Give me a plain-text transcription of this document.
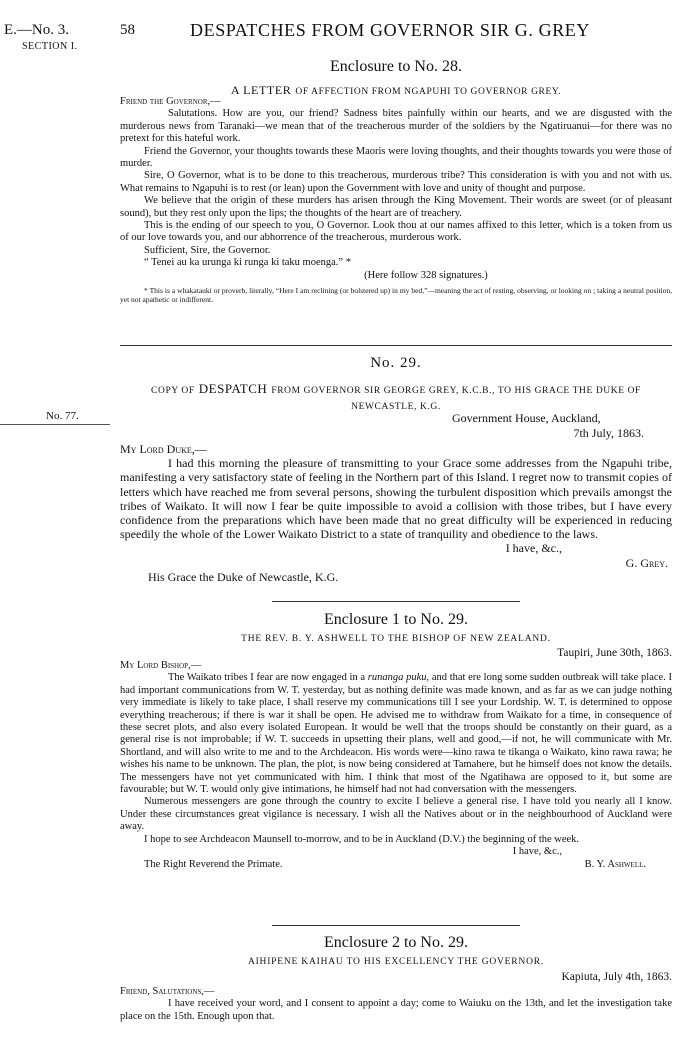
E.—No. 3.
SECTION I.
58	DESPATCHES FROM GOVERNOR SIR G. GREY
Enclosure to No. 28.
A LETTER OF AFFECTION FROM NGAPUHI TO GOVERNOR GREY.

Friend the Governor,—

Salutations. How are you, our friend? Sadness bites painfully within our hearts, and we are disgusted with the murderous news from Taranaki—we mean that of the treacherous murder of the soldiers by the Ngatiruanui—for there was no pretext for this hateful work.

Friend the Governor, your thoughts towards these Maoris were loving thoughts, and their thoughts towards you were those of murder.

Sire, O Governor, what is to be done to this treacherous, murderous tribe? This consideration is with you and not with us. What remains to Ngapuhi is to rest (or lean) upon the Government with love and unity of thought and purpose.

We believe that the origin of these murders has arisen through the King Movement. Their words are sweet (or of pleasant sound), but they rest only upon the lips; the thoughts of the heart are of treachery.

This is the ending of our speech to you, O Governor. Look thou at our names affixed to this letter, which is a token from us of our love towards you, and our abhorrence of the treacherous, murderous work.

Sufficient, Sire, the Governor.

“ Tenei au ka urunga ki runga ki taku moenga.” *

(Here follow 328 signatures.)

* This is a whakatauki or proverb, literally, “Here I am reclining (or bolstered up) in my bed,”—meaning the act of resting, observing, or looking on ; taking a neutral position, yet not apathetic or indifferent.

No. 29.
No. 77.
COPY OF DESPATCH FROM GOVERNOR SIR GEORGE GREY, K.C.B., TO HIS GRACE THE DUKE OF
NEWCASTLE, K.G.
Government House, Auckland,
7th July, 1863.

My Lord Duke,—

I had this morning the pleasure of transmitting to your Grace some addresses from the Ngapuhi tribe, manifesting a very satisfactory state of feeling in the Northern part of this Island. I regret now to transmit copies of letters which have reached me from several persons, showing the turbulent disposition which prevails amongst the tribes of Waikato. It will now I fear be quite impossible to avoid a collision with those tribes, but I have every confidence from the preparations which have been made that no great difficulty will be experienced in reducing speedily the whole of the Lower Waikato District to a state of tranquility and obedience to the laws.

I have, &c.,

G. Grey.

His Grace the Duke of Newcastle, K.G.

Enclosure 1 to No. 29.
THE REV. B. Y. ASHWELL TO THE BISHOP OF NEW ZEALAND.
Taupiri, June 30th, 1863.

My Lord Bishop,—

The Waikato tribes I fear are now engaged in a runanga puku, and that ere long some sudden outbreak will take place. I had important communications from W. T. yesterday, but as nothing definite was made known, and as far as we can judge nothing very immediate is likely to take place, I shall reserve my communications till I see your Lordship. W. T. is determined to oppose everything treacherous; if there is war it shall be open. He advised me to withdraw from Waikato for a time, in consequence of these secret plots, and also every isolated European. It would be well that the troops should be constantly on their guard, as a general rise is not improbable; if W. T. succeeds in upsetting their plans, well and good,—if not, he will communicate with Mr. Shortland, and will also write to me and to the Archdeacon. His words were—kino rawa te tikanga o Waikato, kino rawa rawa; he wishes his name to be unknown. The plan, the plot, is now being considered at Tamahere, but he himself does not know the details. The messengers have not yet communicated with him. I think that most of the Ngatihawa are opposed to it, but some are favourable; but W. T. would only give intimations, he himself had not had conversation with the messengers.

Numerous messengers are gone through the country to excite I believe a general rise. I have told you nearly all I know. Under these circumstances great vigilance is necessary. I wish all the Natives about or in the neighbourhood of Auckland were away.

I hope to see Archdeacon Maunsell to-morrow, and to be in Auckland (D.V.) the beginning of the week.

I have, &c.,

The Right Reverend the Primate.	B. Y. Ashwell.
Enclosure 2 to No. 29.
AIHIPENE KAIHAU TO HIS EXCELLENCY THE GOVERNOR.
Kapiuta, July 4th, 1863.

Friend, Salutations,—

I have received your word, and I consent to appoint a day; come to Waiuku on the 13th, and let the investigation take place on the 15th. Enough upon that.
